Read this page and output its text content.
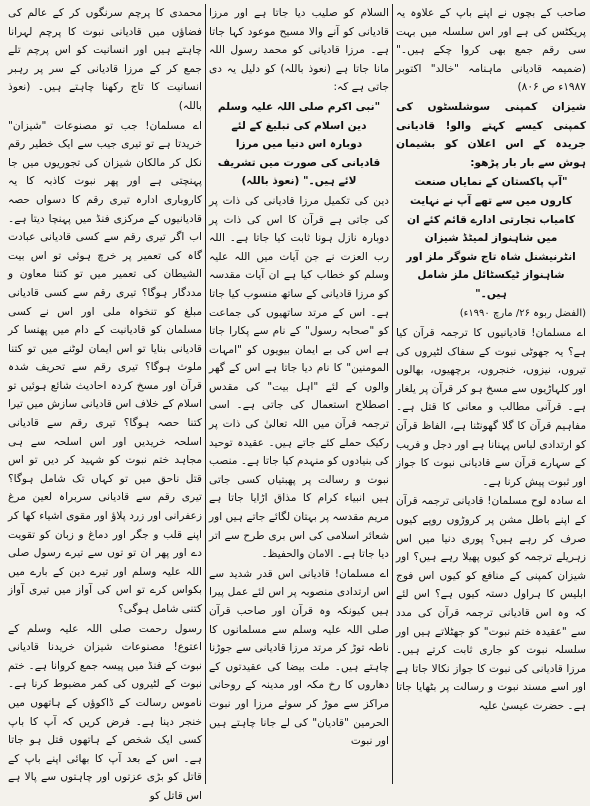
صاحب کے بچوں نے اپنے باپ کے علاوہ یہ پریکٹس کی ہے اور اس سلسلہ میں بہت سی رقم جمع بھی کروا چکے ہیں۔" (ضمیمہ قادیانی ماہنامہ "خالد" اکتوبر ۱۹۸۷ء ص ۸۰۶)

شیزان کمپنی سوشلسٹوں کی کمپنی کیسے کہتے والو! قادیانی جریدہ کے اس اعلان کو بشیمان ہوش سے بار بار پڑھو:

"آپ پاکستان کے نمایاں صنعت کاروں میں سے تھے آپ نے نہایت کامیاب تجارتی ادارے قائم کئے ان میں شاہنواز لمیٹڈ شیزان انٹرنیشنل شاہ تاج شوگر ملز اور شاہنواز ٹیکسٹائل ملز شامل ہیں۔"

(الفضل ربوہ ۲۶/ مارچ ۱۹۹۰ء)

اے مسلمان! قادیانیوں کا ترجمہ قرآن کیا ہے؟ یہ جھوٹی نبوت کے سفاک لٹیروں کی تیروں، نیزوں، خنجروں، برچھیوں، بھالوں اور کلہاڑیوں سے مسخ ہو کر قرآن پر یلغار ہے۔ قرآنی مطالب و معانی کا قتل ہے۔ مفاہیم قرآن کا گلا گھونٹنا ہے، الفاظ قرآن کو ارتدادی لباس پہنانا ہے اور دجل و فریب کے سہارے قرآن سے قادیانی نبوت کا جواز اور ثبوت پیش کرنا ہے۔

اے سادہ لوح مسلمان! قادیانی ترجمہ قرآن کے اپنے باطل مشن پر کروڑوں روپے کیوں صرف کر رہے ہیں؟ پوری دنیا میں اس زہریلے ترجمہ کو کیوں پھیلا رہے ہیں؟ اور شیزان کمپنی کے منافع کو کیوں اس فوج ابلیس کا ہراول دستہ کیوں ہے؟ اس لئے کہ وہ اس قادیانی ترجمہ قرآن کی مدد سے "عقیدہ ختم نبوت" کو جھٹلاتے ہیں اور سلسلہ نبوت کو جاری ثابت کرتے ہیں۔ مرزا قادیانی کی نبوت کا جواز نکالا جاتا ہے اور اسے مسند نبوت و رسالت پر بٹھایا جاتا ہے۔ حضرت عیسیٰ علیہ

السلام کو صلیب دیا جاتا ہے اور مرزا قادیانی کو آنے والا مسیح موعود کہا جاتا ہے۔ مرزا قادیانی کو محمد رسول اللہ مانا جاتا ہے (نعوذ باللہ) کو دلیل یہ دی جاتی ہے کہ:

"نبی اکرم صلی اللہ علیہ وسلم دین اسلام کی تبلیغ کے لئے دوبارہ اس دنیا میں مرزا قادیانی کی صورت میں تشریف لائے ہیں۔" (نعوذ باللہ)

دین کی تکمیل مرزا قادیانی کی ذات پر کی جاتی ہے قرآن کا اس کی ذات پر دوبارہ نازل ہونا ثابت کیا جاتا ہے۔ اللہ رب العزت نے جن آیات میں اللہ علیہ وسلم کو خطاب کیا ہے ان آیات مقدسہ کو مرزا قادیانی کے ساتھ منسوب کیا جاتا ہے۔ اس کے مرتد ساتھیوں کی جماعت کو "صحابہ رسول" کے نام سے پکارا جاتا ہے اس کی بے ایمان بیویوں کو "امہات المومنین" کا نام دیا جاتا ہے اس کے گھر والوں کے لئے "اہل بیت" کی مقدس اصطلاح استعمال کی جاتی ہے۔ اسی ترجمہ قرآن میں اللہ تعالیٰ کی ذات پر رکیک حملے کئے جاتے ہیں۔ عقیدہ توحید کی بنیادوں کو منہدم کیا جاتا ہے۔ منصب نبوت و رسالت پر پھبتیاں کسی جاتی ہیں انبیاء کرام کا مذاق اڑایا جاتا ہے مریم مقدسہ پر بہتان لگائے جاتے ہیں اور شعائر اسلامی کی اس بری طرح سے اتر دیا جاتا ہے۔ الامان والحفیظ۔

اے مسلمان! قادیانی اس قدر شدید سے اس ارتدادی منصوبہ پر اس لئے عمل پیرا ہیں کیونکہ وہ قرآن اور صاحب قرآن صلی اللہ علیہ وسلم سے مسلمانوں کا ناطہ توڑ کر مرتد مرزا قادیانی سے جوڑنا چاہتے ہیں۔ ملت بیضا کی عقیدتوں کے دھاروں کا رخ مکہ اور مدینہ کے روحانی مراکز سے موڑ کر سوئے مرزا اور نبوت الحرمین "قادیان" کی لے جانا چاہتے ہیں اور نبوت

محمدی کا پرچم سرنگوں کر کے عالم کی فضاؤں میں قادیانی نبوت کا پرچم لہرانا چاہتے ہیں اور انسانیت کو اس پرچم تلے جمع کر کے مرزا قادیانی کے سر پر رہبر انسانیت کا تاج رکھنا چاہتے ہیں۔ (نعوذ باللہ)

اے مسلمان! جب تو مصنوعات "شیزان" خریدتا ہے تو تیری جیب سے ایک خطیر رقم نکل کر مالکان شیزان کی تجوریوں میں جا پہنچتی ہے اور پھر نبوت کاذبہ کا یہ کاروباری ادارہ تیری رقم کا دسواں حصہ قادیانیوں کے مرکزی فنڈ میں پہنچا دیتا ہے۔ اب اگر تیری رقم سے کسی قادیانی عبادت گاہ کی تعمیر پر خرچ ہوئی تو اس بیت الشیطان کی تعمیر میں تو کتنا معاون و مددگار ہوگا؟ تیری رقم سے کسی قادیانی مبلغ کو تنخواہ ملی اور اس نے کسی مسلمان کو قادیانیت کے دام میں پھنسا کر قادیانی بنایا تو اس ایمان لوٹنے میں تو کتنا ملوث ہوگا؟ تیری رقم سے تحریف شدہ قرآن اور مسخ کردہ احادیث شائع ہوئیں تو اسلام کے خلاف اس قادیانی سازش میں تیرا کتنا حصہ ہوگا؟ تیری رقم سے قادیانی اسلحہ خریدیں اور اس اسلحہ سے ہی مجاہد ختم نبوت کو شہید کر دیں تو اس قتل ناحق میں تو کہاں تک شامل ہوگا؟ تیری رقم سے قادیانی سربراہ لعین مرغ زعفرانی اور زرد پلاؤ اور مقوی اشیاء کھا کر اپنے قلب و جگر اور دماغ و زبان کو تقویت دے اور پھر ان تو توں سے تیرے رسول صلی اللہ علیہ وسلم اور تیرے دین کے بارے میں بکواس کرے تو اس کی آواز میں تیری آواز کتنی شامل ہوگی؟

رسول رحمت صلی اللہ علیہ وسلم کے اعتوع! مصنوعات شیزان خریدنا قادیانی نبوت کے فنڈ میں پیسہ جمع کروانا ہے۔ ختم نبوت کے لٹیروں کی کمر مضبوط کرنا ہے۔ ناموس رسالت کے ڈاکوؤں کے ہاتھوں میں خنجر دینا ہے۔ فرض کریں کہ آپ کا باپ کسی ایک شخص کے ہاتھوں قتل ہو جاتا ہے۔ اس کے بعد آپ کا بھائی اپنے باپ کے قاتل کو بڑی عزتوں اور چاہتوں سے پالا ہے اس قاتل کو
